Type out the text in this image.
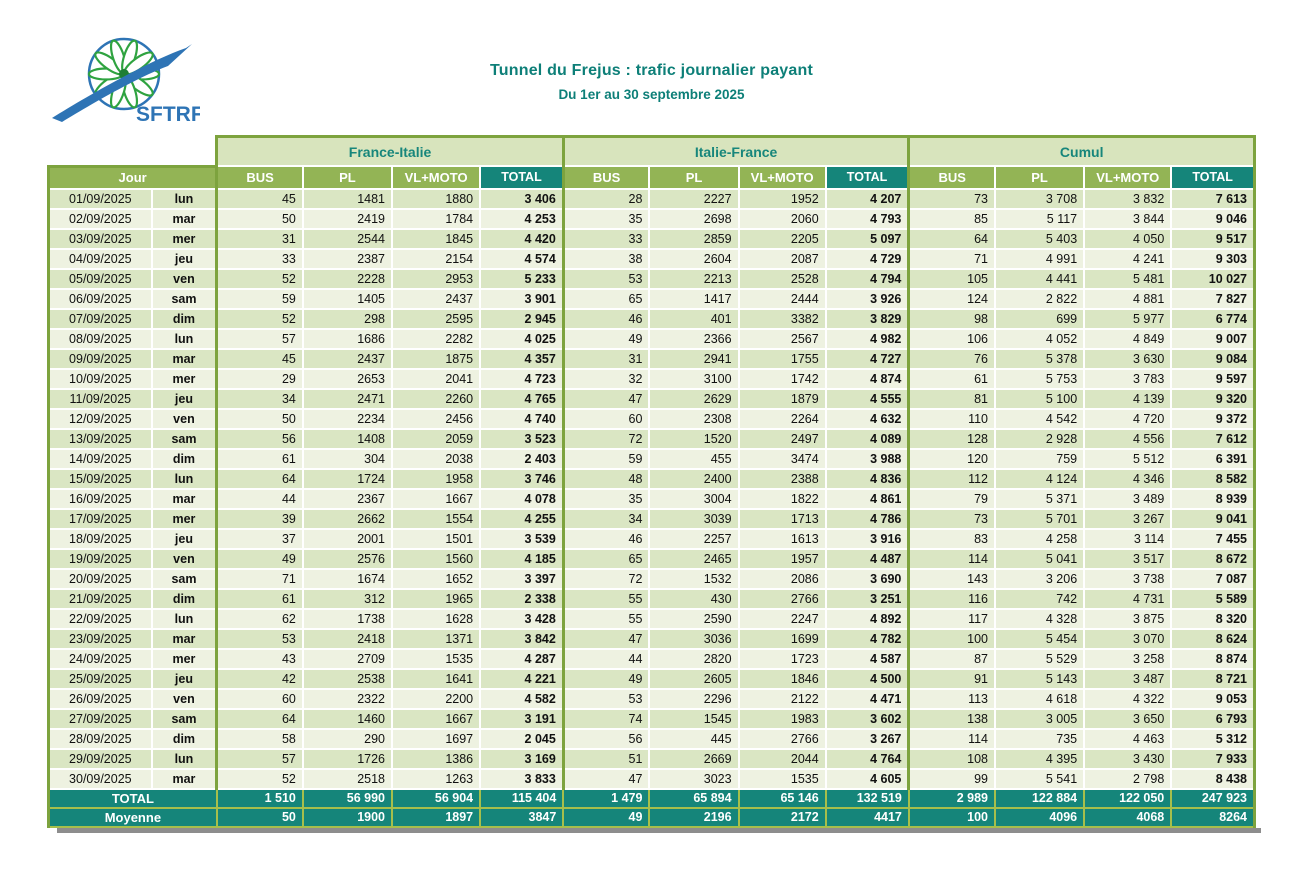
SFTRF
Tunnel du Frejus : trafic journalier payant
Du 1er au 30 septembre 2025
		France-Italie				Italie-France				Cumul			
Jour		BUS	PL	VL+MOTO	TOTAL	BUS	PL	VL+MOTO	TOTAL	BUS	PL	VL+MOTO	TOTAL
01/09/2025	lun	45	1481	1880	3 406	28	2227	1952	4 207	73	3 708	3 832	7 613
02/09/2025	mar	50	2419	1784	4 253	35	2698	2060	4 793	85	5 117	3 844	9 046
03/09/2025	mer	31	2544	1845	4 420	33	2859	2205	5 097	64	5 403	4 050	9 517
04/09/2025	jeu	33	2387	2154	4 574	38	2604	2087	4 729	71	4 991	4 241	9 303
05/09/2025	ven	52	2228	2953	5 233	53	2213	2528	4 794	105	4 441	5 481	10 027
06/09/2025	sam	59	1405	2437	3 901	65	1417	2444	3 926	124	2 822	4 881	7 827
07/09/2025	dim	52	298	2595	2 945	46	401	3382	3 829	98	699	5 977	6 774
08/09/2025	lun	57	1686	2282	4 025	49	2366	2567	4 982	106	4 052	4 849	9 007
09/09/2025	mar	45	2437	1875	4 357	31	2941	1755	4 727	76	5 378	3 630	9 084
10/09/2025	mer	29	2653	2041	4 723	32	3100	1742	4 874	61	5 753	3 783	9 597
11/09/2025	jeu	34	2471	2260	4 765	47	2629	1879	4 555	81	5 100	4 139	9 320
12/09/2025	ven	50	2234	2456	4 740	60	2308	2264	4 632	110	4 542	4 720	9 372
13/09/2025	sam	56	1408	2059	3 523	72	1520	2497	4 089	128	2 928	4 556	7 612
14/09/2025	dim	61	304	2038	2 403	59	455	3474	3 988	120	759	5 512	6 391
15/09/2025	lun	64	1724	1958	3 746	48	2400	2388	4 836	112	4 124	4 346	8 582
16/09/2025	mar	44	2367	1667	4 078	35	3004	1822	4 861	79	5 371	3 489	8 939
17/09/2025	mer	39	2662	1554	4 255	34	3039	1713	4 786	73	5 701	3 267	9 041
18/09/2025	jeu	37	2001	1501	3 539	46	2257	1613	3 916	83	4 258	3 114	7 455
19/09/2025	ven	49	2576	1560	4 185	65	2465	1957	4 487	114	5 041	3 517	8 672
20/09/2025	sam	71	1674	1652	3 397	72	1532	2086	3 690	143	3 206	3 738	7 087
21/09/2025	dim	61	312	1965	2 338	55	430	2766	3 251	116	742	4 731	5 589
22/09/2025	lun	62	1738	1628	3 428	55	2590	2247	4 892	117	4 328	3 875	8 320
23/09/2025	mar	53	2418	1371	3 842	47	3036	1699	4 782	100	5 454	3 070	8 624
24/09/2025	mer	43	2709	1535	4 287	44	2820	1723	4 587	87	5 529	3 258	8 874
25/09/2025	jeu	42	2538	1641	4 221	49	2605	1846	4 500	91	5 143	3 487	8 721
26/09/2025	ven	60	2322	2200	4 582	53	2296	2122	4 471	113	4 618	4 322	9 053
27/09/2025	sam	64	1460	1667	3 191	74	1545	1983	3 602	138	3 005	3 650	6 793
28/09/2025	dim	58	290	1697	2 045	56	445	2766	3 267	114	735	4 463	5 312
29/09/2025	lun	57	1726	1386	3 169	51	2669	2044	4 764	108	4 395	3 430	7 933
30/09/2025	mar	52	2518	1263	3 833	47	3023	1535	4 605	99	5 541	2 798	8 438
TOTAL		1 510	56 990	56 904	115 404	1 479	65 894	65 146	132 519	2 989	122 884	122 050	247 923
Moyenne		50	1900	1897	3847	49	2196	2172	4417	100	4096	4068	8264
